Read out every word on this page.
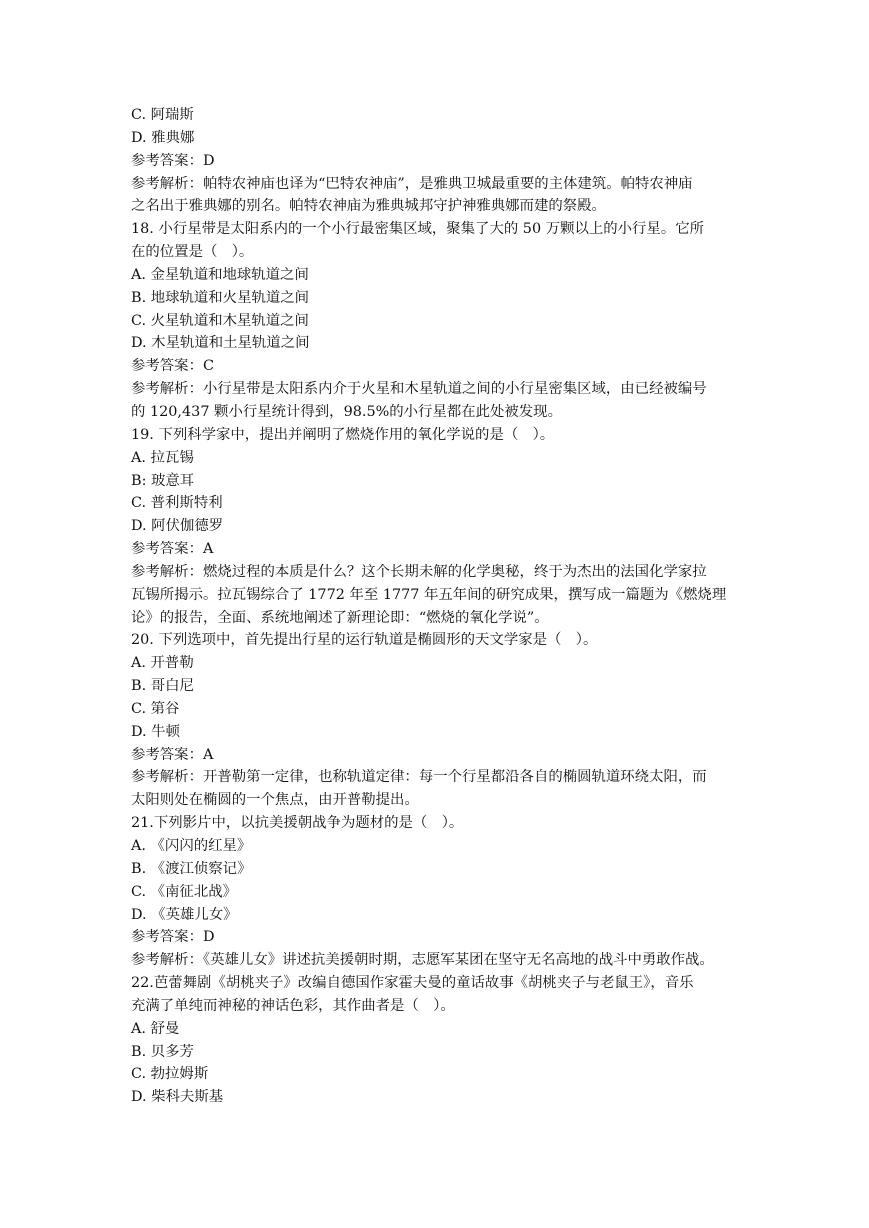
C. 阿瑞斯
D. 雅典娜
参考答案：D
参考解析：帕特农神庙也译为“巴特农神庙”，是雅典卫城最重要的主体建筑。帕特农神庙
之名出于雅典娜的别名。帕特农神庙为雅典城邦守护神雅典娜而建的祭殿。
18. 小行星带是太阳系内的一个小行最密集区域，聚集了大的 50 万颗以上的小行星。它所
在的位置是（　）。
A. 金星轨道和地球轨道之间
B. 地球轨道和火星轨道之间
C. 火星轨道和木星轨道之间
D. 木星轨道和土星轨道之间
参考答案：C
参考解析：小行星带是太阳系内介于火星和木星轨道之间的小行星密集区域，由已经被编号
的 120,437 颗小行星统计得到，98.5%的小行星都在此处被发现。
19. 下列科学家中，提出并阐明了燃烧作用的氧化学说的是（　）。
A. 拉瓦锡
B: 玻意耳
C. 普利斯特利
D. 阿伏伽德罗
参考答案：A
参考解析：燃烧过程的本质是什么？这个长期未解的化学奥秘，终于为杰出的法国化学家拉
瓦锡所揭示。拉瓦锡综合了 1772 年至 1777 年五年间的研究成果，撰写成一篇题为《燃烧理
论》的报告，全面、系统地阐述了新理论即：“燃烧的氧化学说”。
20. 下列选项中，首先提出行星的运行轨道是椭圆形的天文学家是（　）。
A. 开普勒
B. 哥白尼
C. 第谷
D. 牛顿
参考答案：A
参考解析：开普勒第一定律，也称轨道定律：每一个行星都沿各自的椭圆轨道环绕太阳，而
太阳则处在椭圆的一个焦点，由开普勒提出。
21.下列影片中，以抗美援朝战争为题材的是（　）。
A. 《闪闪的红星》
B. 《渡江侦察记》
C. 《南征北战》
D. 《英雄儿女》
参考答案：D
参考解析：《英雄儿女》讲述抗美援朝时期，志愿军某团在坚守无名高地的战斗中勇敢作战。
22.芭蕾舞剧《胡桃夹子》改编自德国作家霍夫曼的童话故事《胡桃夹子与老鼠王》，音乐
充满了单纯而神秘的神话色彩，其作曲者是（　）。
A. 舒曼
B. 贝多芳
C. 勃拉姆斯
D. 柴科夫斯基
